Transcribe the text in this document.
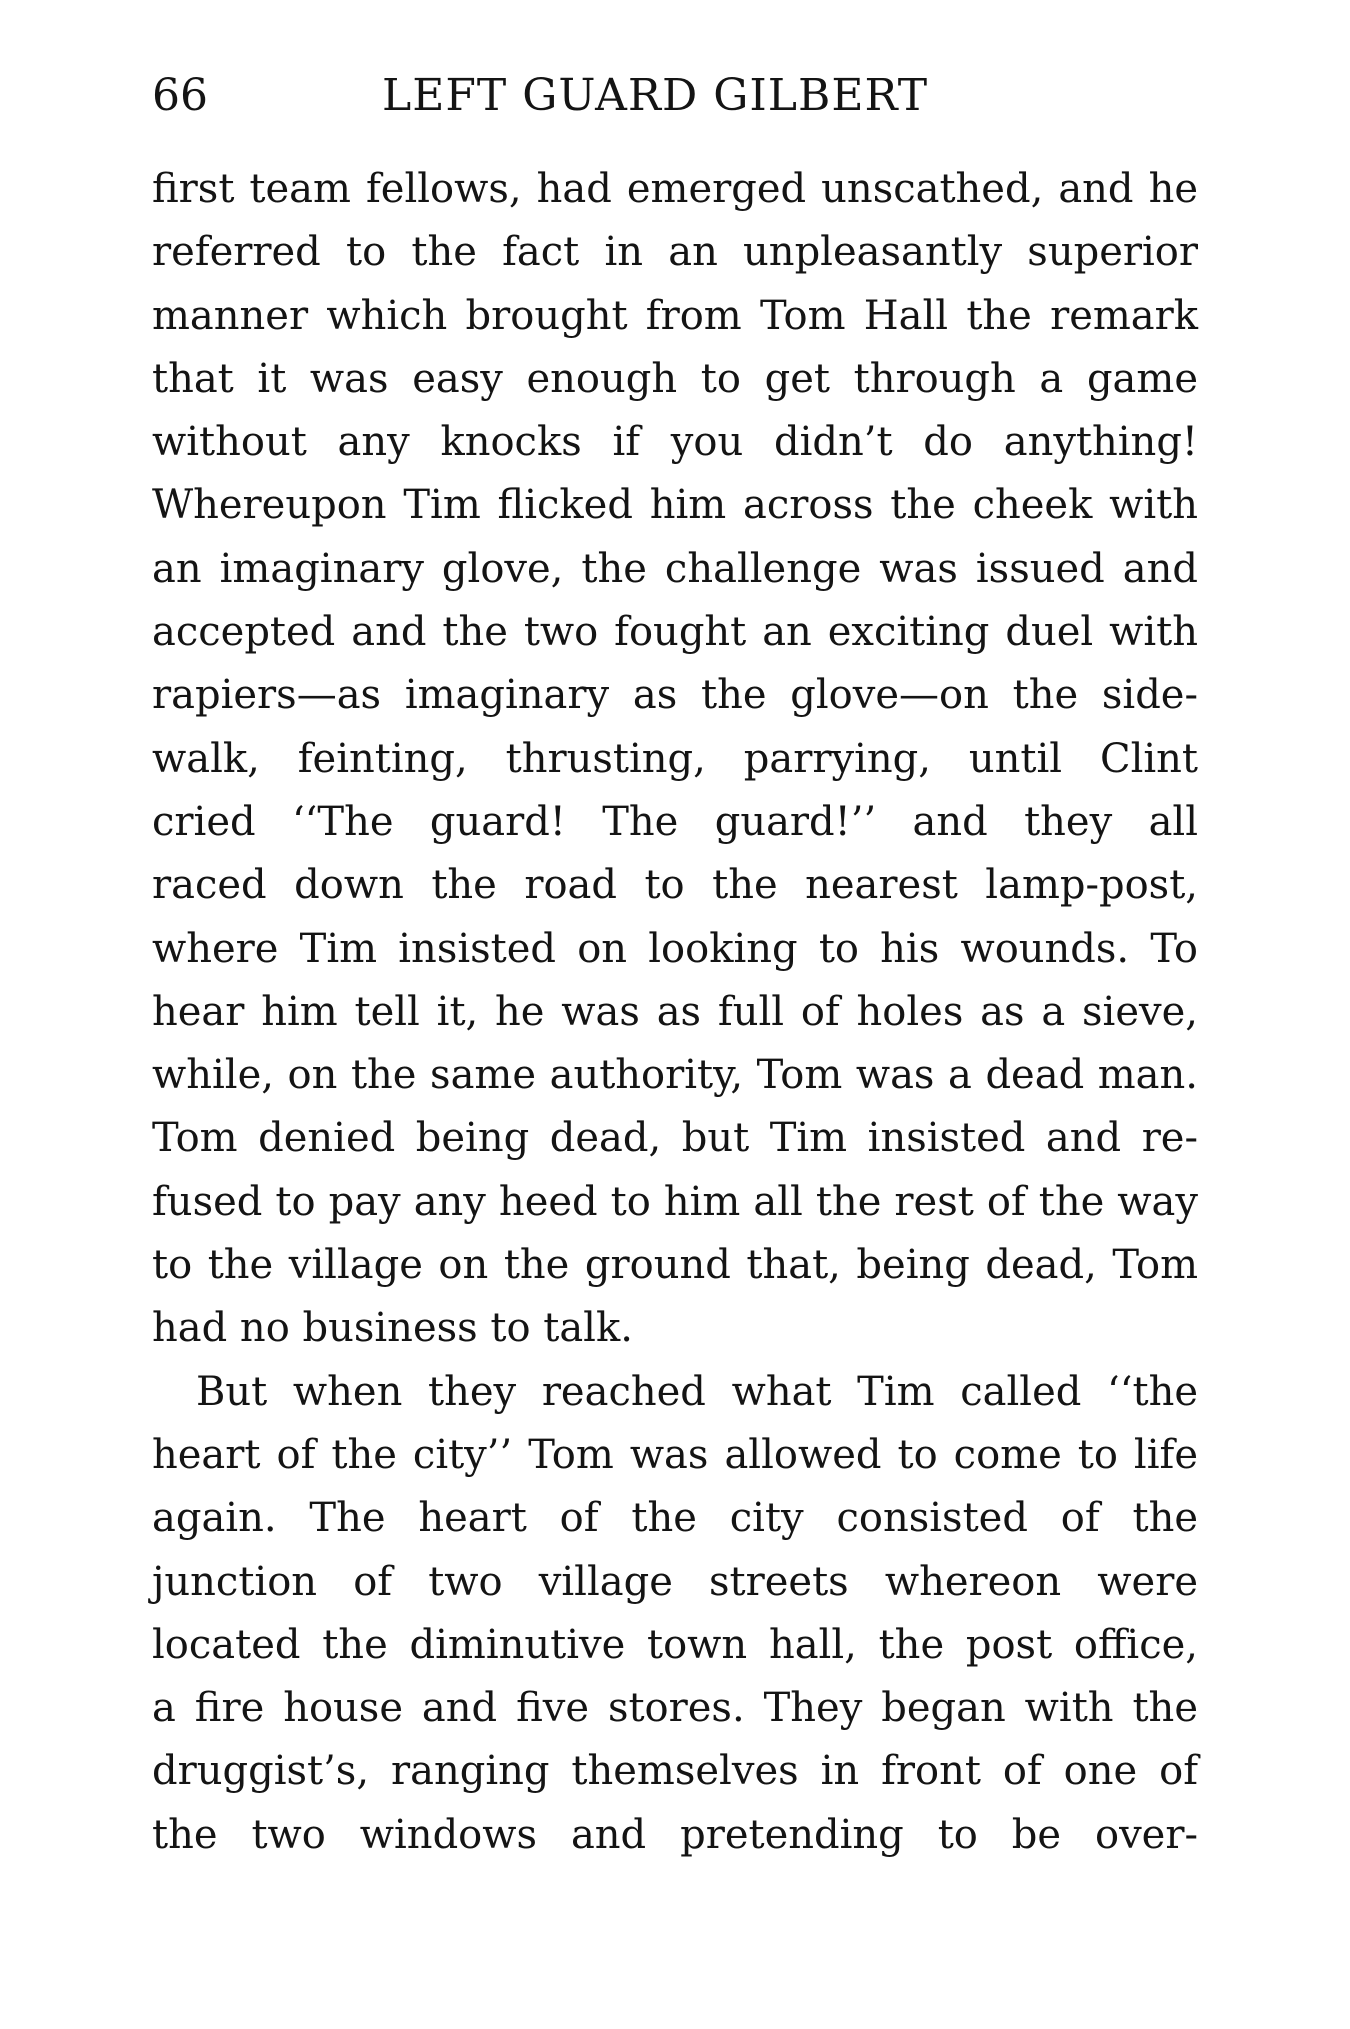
66	LEFT GUARD GILBERT
first team fellows, had emerged unscathed, and he
referred to the fact in an unpleasantly superior
manner which brought from Tom Hall the remark
that it was easy enough to get through a game
without any knocks if you didn’t do anything!
Whereupon Tim flicked him across the cheek with
an imaginary glove, the challenge was issued and
accepted and the two fought an exciting duel with
rapiers—as imaginary as the glove—on the side-
walk, feinting, thrusting, parrying, until Clint
cried ‘‘The guard! The guard!’’ and they all
raced down the road to the nearest lamp-post,
where Tim insisted on looking to his wounds. To
hear him tell it, he was as full of holes as a sieve,
while, on the same authority, Tom was a dead man.
Tom denied being dead, but Tim insisted and re-
fused to pay any heed to him all the rest of the way
to the village on the ground that, being dead, Tom
had no business to talk.
But when they reached what Tim called ‘‘the
heart of the city’’ Tom was allowed to come to life
again. The heart of the city consisted of the
junction of two village streets whereon were
located the diminutive town hall, the post office,
a fire house and five stores. They began with the
druggist’s, ranging themselves in front of one of
the two windows and pretending to be over-
